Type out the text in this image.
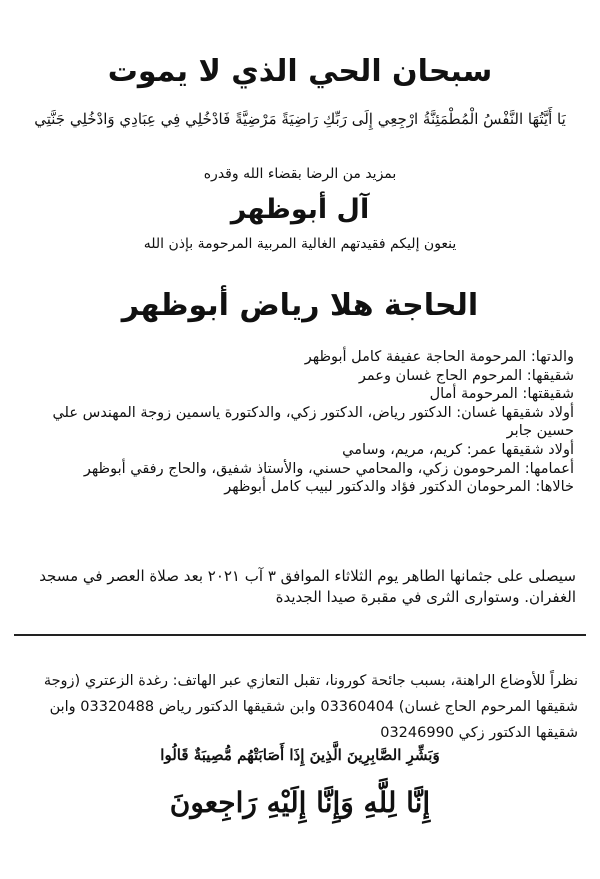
سبحان الحي الذي لا يموت
يَا أَيَّتُهَا النَّفْسُ الْمُطْمَئِنَّةُ ارْجِعِي إِلَى رَبِّكِ رَاضِيَةً مَرْضِيَّةً فَادْخُلِي فِي عِبَادِي وَادْخُلِي جَنَّتِي
بمزيد من الرضا بقضاء الله وقدره
آل أبوظهر
ينعون إليكم فقيدتهم الغالية المربية المرحومة بإذن الله
الحاجة هلا رياض أبوظهر
والدتها: المرحومة الحاجة عفيفة كامل أبوظهر
شقيقها: المرحوم الحاج غسان وعمر
شقيقتها: المرحومة أمال
أولاد شقيقها غسان: الدكتور رياض، الدكتور زكي، والدكتورة ياسمين زوجة المهندس علي حسين جابر
أولاد شقيقها عمر: كريم، مريم، وسامي
أعمامها: المرحومون زكي، والمحامي حسني، والأستاذ شفيق، والحاج رفقي أبوظهر
خالاها: المرحومان الدكتور فؤاد والدكتور لبيب كامل أبوظهر

سيصلى على جثمانها الطاهر يوم الثلاثاء الموافق ٣ آب ٢٠٢١ بعد صلاة العصر في مسجد الغفران. وستوارى الثرى في مقبرة صيدا الجديدة

نظراً للأوضاع الراهنة، بسبب جائحة كورونا، تقبل التعازي عبر الهاتف: رغدة الزعتري (زوجة شقيقها المرحوم الحاج غسان) 03360404 وابن شقيقها الدكتور رياض 03320488 وابن شقيقها الدكتور زكي 03246990

وَبَشِّرِ الصَّابِرِينَ الَّذِينَ إِذَا أَصَابَتْهُم مُّصِيبَةٌ قَالُوا
إِنَّا لِلَّهِ وَإِنَّا إِلَيْهِ رَاجِعونَ
